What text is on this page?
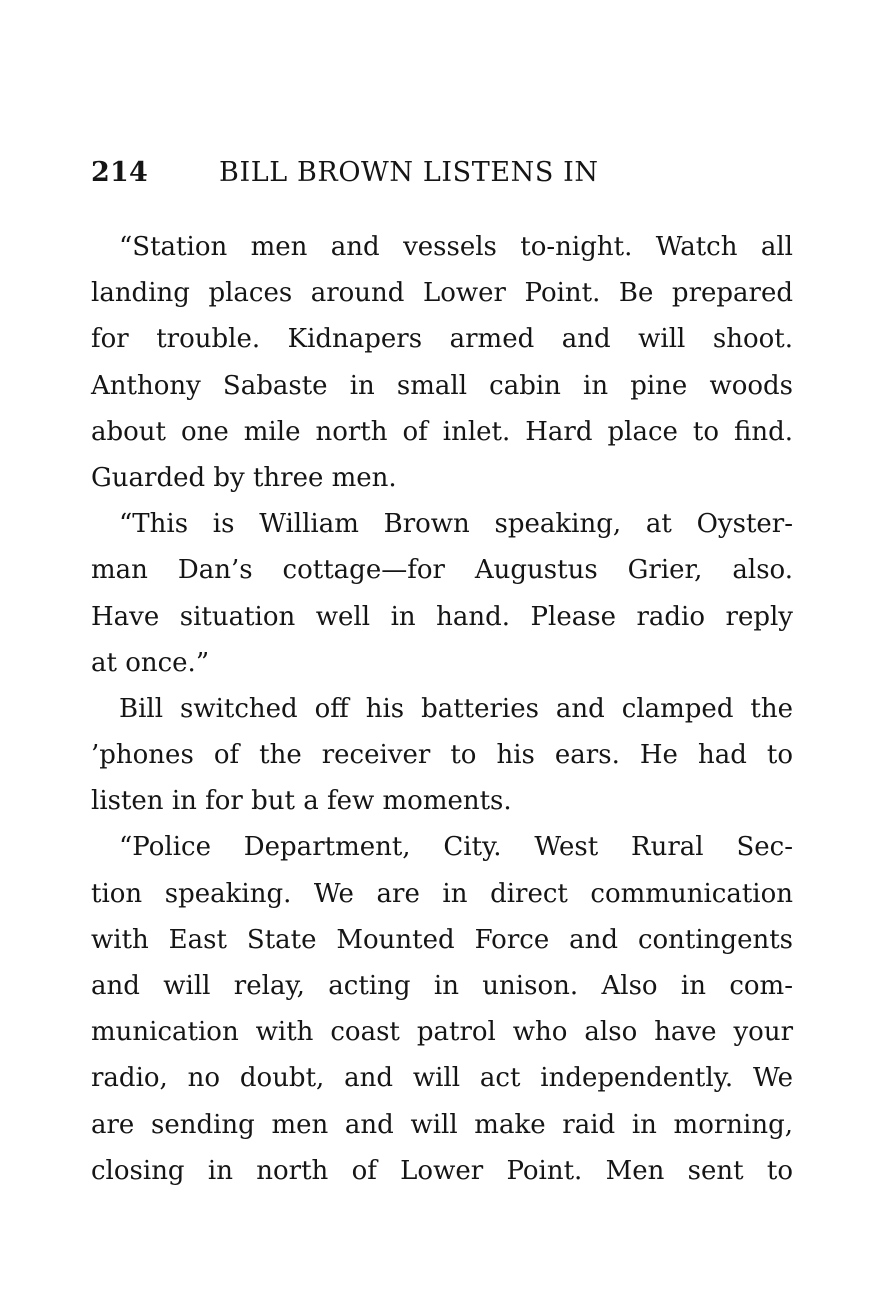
214	BILL BROWN LISTENS IN
“Station men and vessels to-night. Watch all
landing places around Lower Point. Be prepared
for trouble. Kidnapers armed and will shoot.
Anthony Sabaste in small cabin in pine woods
about one mile north of inlet. Hard place to find.
Guarded by three men.
“This is William Brown speaking, at Oyster-
man Dan’s cottage—for Augustus Grier, also.
Have situation well in hand. Please radio reply
at once.”
Bill switched off his batteries and clamped the
’phones of the receiver to his ears. He had to
listen in for but a few moments.
“Police Department, City. West Rural Sec-
tion speaking. We are in direct communication
with East State Mounted Force and contingents
and will relay, acting in unison. Also in com-
munication with coast patrol who also have your
radio, no doubt, and will act independently. We
are sending men and will make raid in morning,
closing in north of Lower Point. Men sent to
